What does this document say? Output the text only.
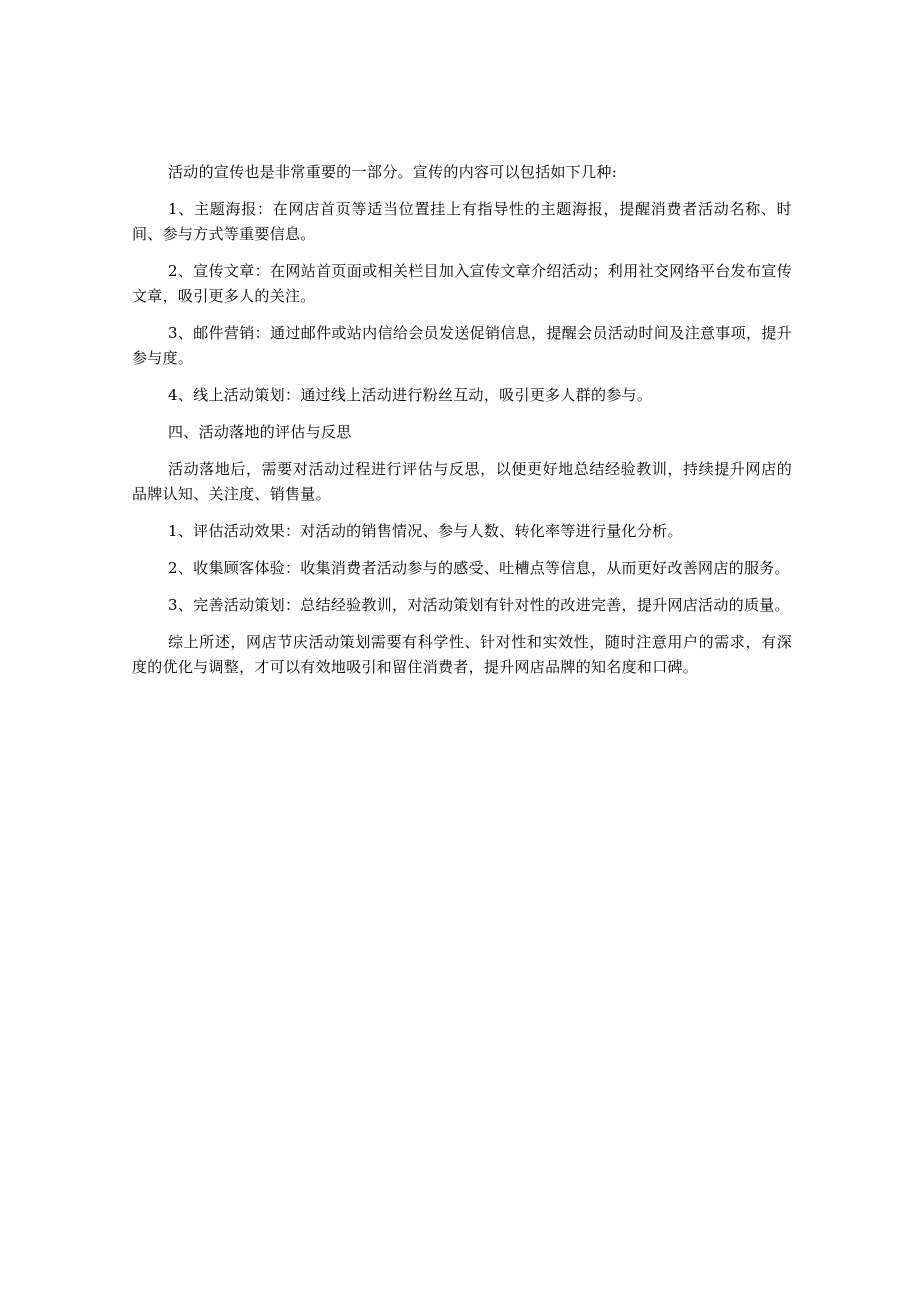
活动的宣传也是非常重要的一部分。宣传的内容可以包括如下几种:

1、主题海报：在网店首页等适当位置挂上有指导性的主题海报，提醒消费者活动名称、时间、参与方式等重要信息。

2、宣传文章：在网站首页面或相关栏目加入宣传文章介绍活动；利用社交网络平台发布宣传文章，吸引更多人的关注。

3、邮件营销：通过邮件或站内信给会员发送促销信息，提醒会员活动时间及注意事项，提升参与度。

4、线上活动策划：通过线上活动进行粉丝互动，吸引更多人群的参与。

四、活动落地的评估与反思

活动落地后，需要对活动过程进行评估与反思，以便更好地总结经验教训，持续提升网店的品牌认知、关注度、销售量。

1、评估活动效果：对活动的销售情况、参与人数、转化率等进行量化分析。

2、收集顾客体验：收集消费者活动参与的感受、吐槽点等信息，从而更好改善网店的服务。

3、完善活动策划：总结经验教训，对活动策划有针对性的改进完善，提升网店活动的质量。

综上所述，网店节庆活动策划需要有科学性、针对性和实效性，随时注意用户的需求，有深度的优化与调整，才可以有效地吸引和留住消费者，提升网店品牌的知名度和口碑。
